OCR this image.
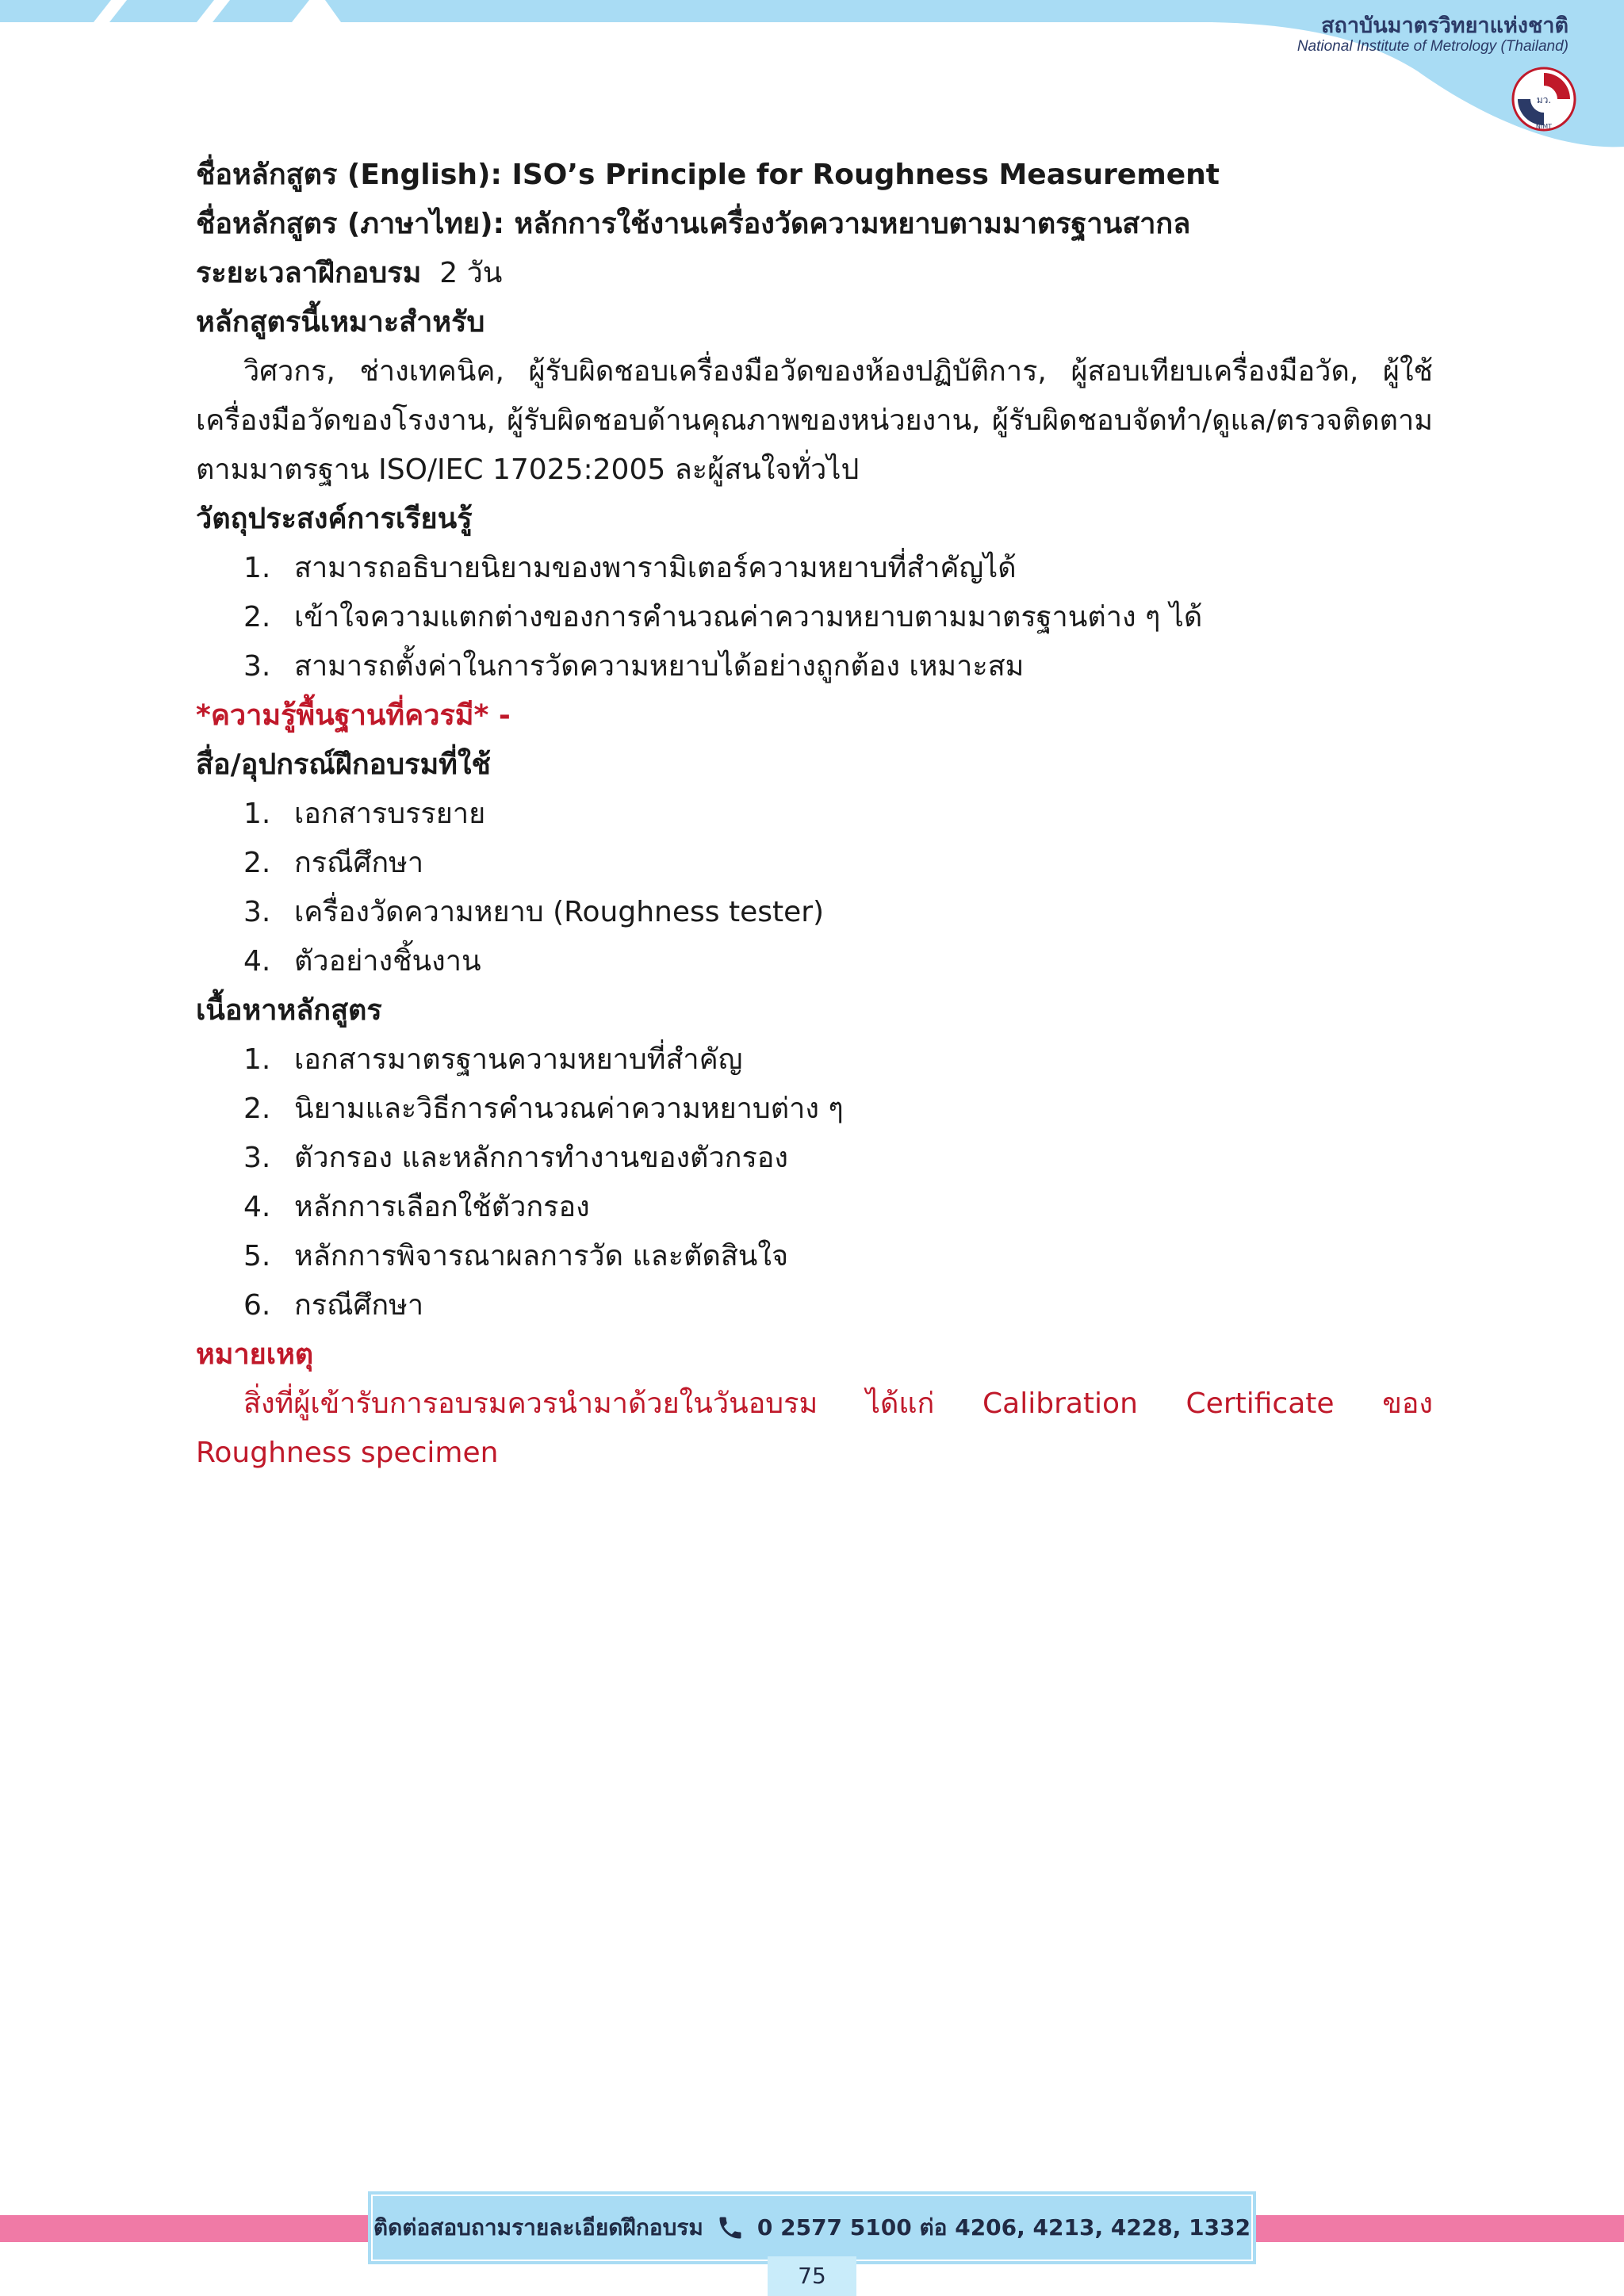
สถาบันมาตรวิทยาแห่งชาติ
National Institute of Metrology (Thailand)
มว.
NIMT

ชื่อหลักสูตร (English): ISO’s Principle for Roughness Measurement

ชื่อหลักสูตร (ภาษาไทย): หลักการใช้งานเครื่องวัดความหยาบตามมาตรฐานสากล

ระยะเวลาฝึกอบรม 2 วัน

หลักสูตรนี้เหมาะสำหรับ

วิศวกร, ช่างเทคนิค, ผู้รับผิดชอบเครื่องมือวัดของห้องปฏิบัติการ, ผู้สอบเทียบเครื่องมือวัด, ผู้ใช้เครื่องมือวัดของโรงงาน, ผู้รับผิดชอบด้านคุณภาพของหน่วยงาน, ผู้รับผิดชอบจัดทำ/ดูแล/ตรวจติดตาม ตามมาตรฐาน ISO/IEC 17025:2005 ละผู้สนใจทั่วไป

วัตถุประสงค์การเรียนรู้

1. สามารถอธิบายนิยามของพารามิเตอร์ความหยาบที่สำคัญได้
2. เข้าใจความแตกต่างของการคำนวณค่าความหยาบตามมาตรฐานต่าง ๆ ได้
3. สามารถตั้งค่าในการวัดความหยาบได้อย่างถูกต้อง เหมาะสม

*ความรู้พื้นฐานที่ควรมี* -

สื่อ/อุปกรณ์ฝึกอบรมที่ใช้

1. เอกสารบรรยาย
2. กรณีศึกษา
3. เครื่องวัดความหยาบ (Roughness tester)
4. ตัวอย่างชิ้นงาน

เนื้อหาหลักสูตร

1. เอกสารมาตรฐานความหยาบที่สำคัญ
2. นิยามและวิธีการคำนวณค่าความหยาบต่าง ๆ
3. ตัวกรอง และหลักการทำงานของตัวกรอง
4. หลักการเลือกใช้ตัวกรอง
5. หลักการพิจารณาผลการวัด และตัดสินใจ
6. กรณีศึกษา

หมายเหตุ

สิ่งที่ผู้เข้ารับการอบรมควรนำมาด้วยในวันอบรม ได้แก่ Calibration Certificate ของ Roughness specimen

ติดต่อสอบถามรายละเอียดฝึกอบรม 0 2577 5100 ต่อ 4206, 4213, 4228, 1332
75
